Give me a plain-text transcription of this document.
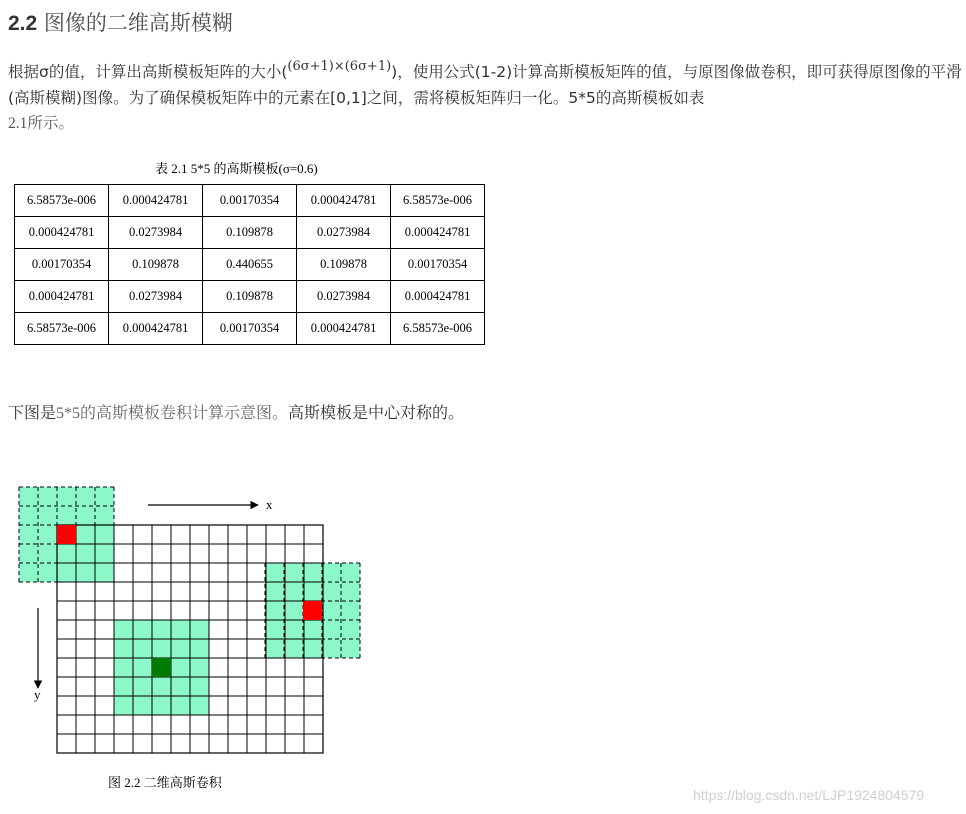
2.2 图像的二维高斯模糊
根据σ的值，计算出高斯模板矩阵的大小($^{(6\sigma+1)\times(6\sigma+1)}$)，使用公式(1-2)计算高斯模板矩阵的值，与原图像做卷积，即可获得原图像的平滑(高斯模糊)图像。为了确保模板矩阵中的元素在[0,1]之间，需将模板矩阵归一化。5*5的高斯模板如表
2.1所示。
表 2.1 5*5 的高斯模板(σ=0.6)
6.58573e-006	0.000424781	0.00170354	0.000424781	6.58573e-006
0.000424781	0.0273984	0.109878	0.0273984	0.000424781
0.00170354	0.109878	0.440655	0.109878	0.00170354
0.000424781	0.0273984	0.109878	0.0273984	0.000424781
6.58573e-006	0.000424781	0.00170354	0.000424781	6.58573e-006
下图是5*5的高斯模板卷积计算示意图。高斯模板是中心对称的。
x
y
图 2.2 二维高斯卷积
https://blog.csdn.net/LJP1924804579
